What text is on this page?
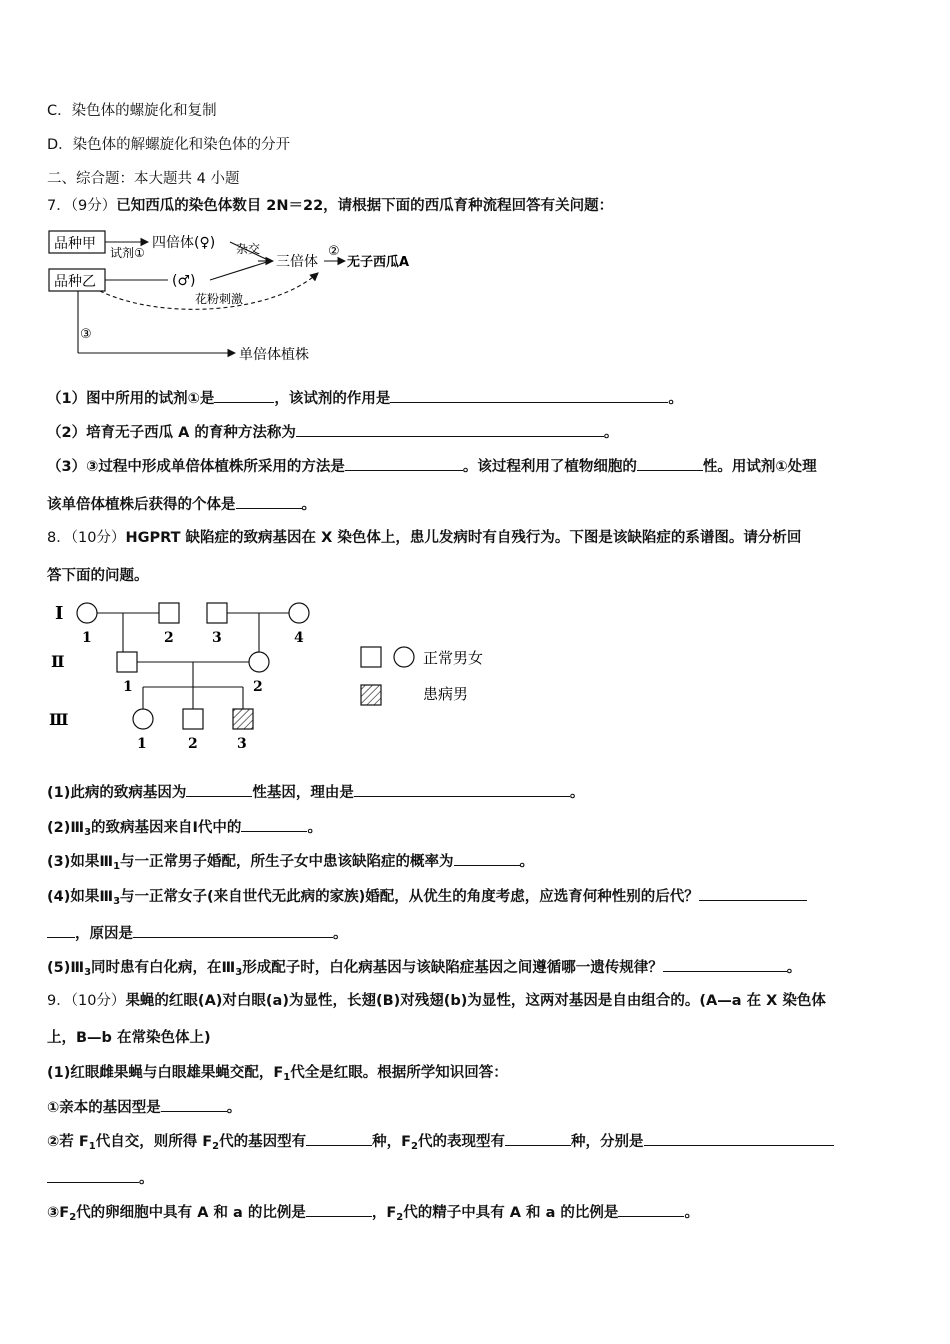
C．染色体的螺旋化和复制
D．染色体的解螺旋化和染色体的分开
二、综合题：本大题共 4 小题
7．（9分）已知西瓜的染色体数目 2N＝22，请根据下面的西瓜育种流程回答有关问题：
品种甲
品种乙
试剂①
四倍体(♀)
(♂)
杂交
三倍体
②
无子西瓜A
花粉刺激
③
单倍体植株
（1）图中所用的试剂①是	，该试剂的作用是	。
（2）培育无子西瓜 A 的育种方法称为	。
（3）③过程中形成单倍体植株所采用的方法是	。该过程利用了植物细胞的	性。用试剂①处理
该单倍体植株后获得的个体是	。
8．（10分）HGPRT 缺陷症的致病基因在 X 染色体上，患儿发病时有自残行为。下图是该缺陷症的系谱图。请分析回
答下面的问题。
Ⅰ
Ⅱ
Ⅲ
1	2	3	4
1	2
1	2	3
正常男女
患病男
(1)此病的致病基因为	性基因，理由是	。
$(2)Ⅲ_3$的致病基因来自Ⅰ代中的	。
(3)如果$Ⅲ_1$与一正常男子婚配，所生子女中患该缺陷症的概率为	。
(4)如果$Ⅲ_3$与一正常女子(来自世代无此病的家族)婚配，从优生的角度考虑，应选育何种性别的后代？
，原因是	。
$(5)Ⅲ_3$同时患有白化病，在$Ⅲ_3$形成配子时，白化病基因与该缺陷症基因之间遵循哪一遗传规律？	。
9．（10分）果蝇的红眼(A)对白眼(a)为显性，长翅(B)对残翅(b)为显性，这两对基因是自由组合的。(A—a 在 X 染色体
上，B—b 在常染色体上)
(1)红眼雌果蝇与白眼雄果蝇交配，$F_1$代全是红眼。根据所学知识回答：
①亲本的基因型是	。
②若 $F_1$代自交，则所得 $F_2$代的基因型有	种，$F_2$代的表现型有	种，分别是
。
$③F_2$代的卵细胞中具有 A 和 a 的比例是	，$F_2$代的精子中具有 A 和 a 的比例是	。
